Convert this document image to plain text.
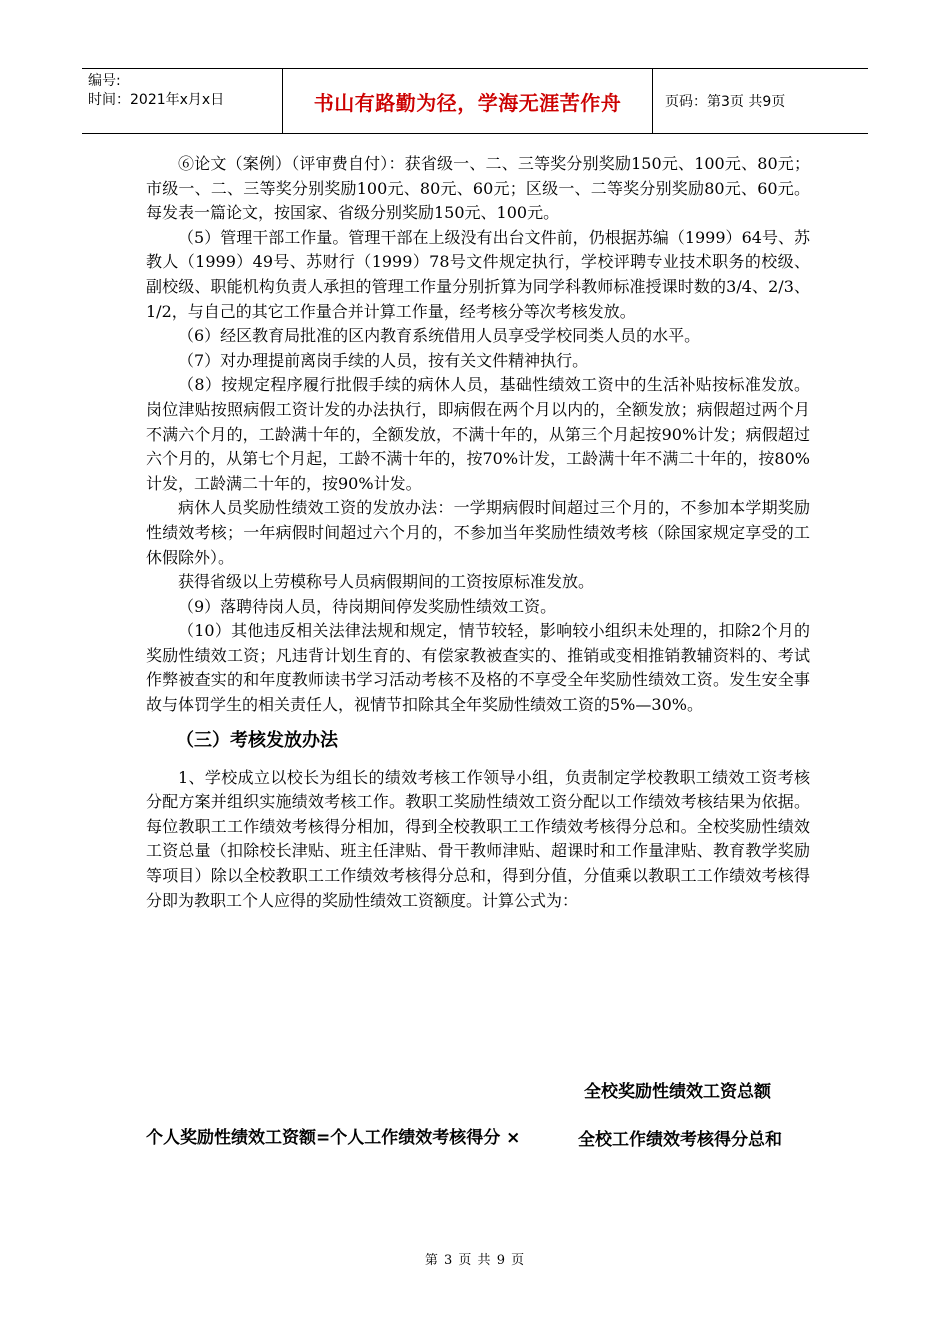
编号:
时间：2021年x月x日	书山有路勤为径，学海无涯苦作舟	页码：第3页 共9页

⑥论文（案例）（评审费自付）：获省级一、二、三等奖分别奖励150元、100元、80元；市级一、二、三等奖分别奖励100元、80元、60元；区级一、二等奖分别奖励80元、60元。每发表一篇论文，按国家、省级分别奖励150元、100元。

（5）管理干部工作量。管理干部在上级没有出台文件前，仍根据苏编（1999）64号、苏教人（1999）49号、苏财行（1999）78号文件规定执行，学校评聘专业技术职务的校级、副校级、职能机构负责人承担的管理工作量分别折算为同学科教师标准授课时数的3/4、2/3、1/2，与自己的其它工作量合并计算工作量，经考核分等次考核发放。

（6）经区教育局批准的区内教育系统借用人员享受学校同类人员的水平。

（7）对办理提前离岗手续的人员，按有关文件精神执行。

（8）按规定程序履行批假手续的病休人员，基础性绩效工资中的生活补贴按标准发放。岗位津贴按照病假工资计发的办法执行，即病假在两个月以内的，全额发放；病假超过两个月不满六个月的，工龄满十年的，全额发放，不满十年的，从第三个月起按90%计发；病假超过六个月的，从第七个月起，工龄不满十年的，按70%计发，工龄满十年不满二十年的，按80%计发，工龄满二十年的，按90%计发。

病休人员奖励性绩效工资的发放办法：一学期病假时间超过三个月的，不参加本学期奖励性绩效考核；一年病假时间超过六个月的，不参加当年奖励性绩效考核（除国家规定享受的工休假除外）。

获得省级以上劳模称号人员病假期间的工资按原标准发放。

（9）落聘待岗人员，待岗期间停发奖励性绩效工资。

（10）其他违反相关法律法规和规定，情节较轻，影响较小组织未处理的，扣除2个月的奖励性绩效工资；凡违背计划生育的、有偿家教被查实的、推销或变相推销教辅资料的、考试作弊被查实的和年度教师读书学习活动考核不及格的不享受全年奖励性绩效工资。发生安全事故与体罚学生的相关责任人，视情节扣除其全年奖励性绩效工资的5%—30%。

（三）考核发放办法

1、学校成立以校长为组长的绩效考核工作领导小组，负责制定学校教职工绩效工资考核分配方案并组织实施绩效考核工作。教职工奖励性绩效工资分配以工作绩效考核结果为依据。每位教职工工作绩效考核得分相加，得到全校教职工工作绩效考核得分总和。全校奖励性绩效工资总量（扣除校长津贴、班主任津贴、骨干教师津贴、超课时和工作量津贴、教育教学奖励等项目）除以全校教职工工作绩效考核得分总和，得到分值，分值乘以教职工工作绩效考核得分即为教职工个人应得的奖励性绩效工资额度。计算公式为：

全校奖励性绩效工资总额
个人奖励性绩效工资额=个人工作绩效考核得分 ×	全校工作绩效考核得分总和
第 3 页 共 9 页
